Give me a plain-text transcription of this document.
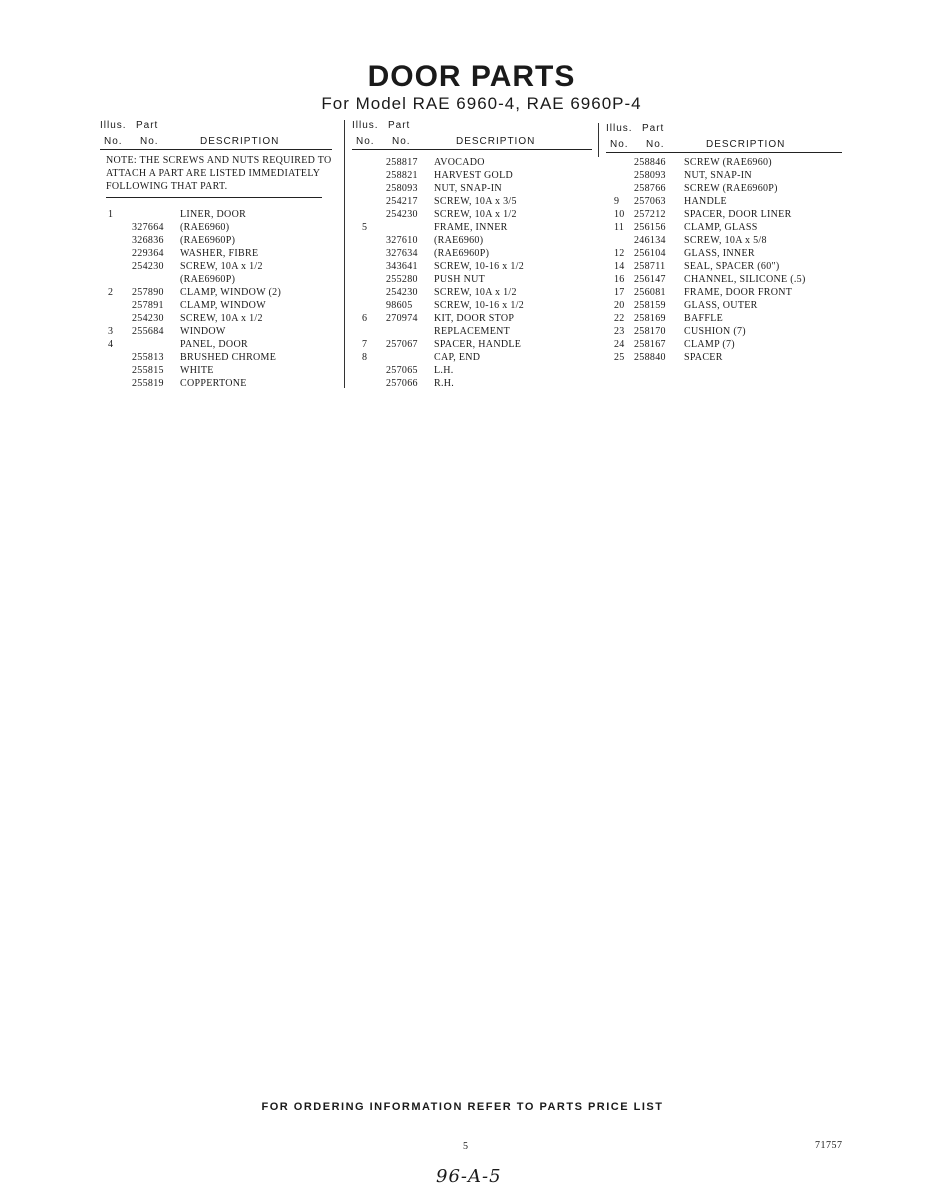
DOOR PARTS
For Model RAE 6960-4, RAE 6960P-4
Illus. Part
No. No.	DESCRIPTION
NOTE: THE SCREWS AND NUTS REQUIRED TO ATTACH A PART ARE LISTED IMMEDIATELY FOLLOWING THAT PART.
1	LINER, DOOR
327664 (RAE6960)
326836 (RAE6960P)
229364 WASHER, FIBRE
254230 SCREW, 10A x 1/2
(RAE6960P)
2 257890 CLAMP, WINDOW (2)
257891 CLAMP, WINDOW
254230 SCREW, 10A x 1/2
3 255684 WINDOW
4	PANEL, DOOR
255813 BRUSHED CHROME
255815 WHITE
255819 COPPERTONE
Illus. Part
No. No.	DESCRIPTION
258817 AVOCADO
258821 HARVEST GOLD
258093 NUT, SNAP-IN
254217 SCREW, 10A x 3/5
254230 SCREW, 10A x 1/2
5	FRAME, INNER
327610 (RAE6960)
327634 (RAE6960P)
343641 SCREW, 10-16 x 1/2
255280 PUSH NUT
254230 SCREW, 10A x 1/2
98605 SCREW, 10-16 x 1/2
6 270974 KIT, DOOR STOP
REPLACEMENT
7 257067 SPACER, HANDLE
8	CAP, END
257065 L.H.
257066 R.H.
Illus. Part
No. No.	DESCRIPTION
258846 SCREW (RAE6960)
258093 NUT, SNAP-IN
258766 SCREW (RAE6960P)
9 257063 HANDLE
10 257212 SPACER, DOOR LINER
11 256156 CLAMP, GLASS
246134 SCREW, 10A x 5/8
12 256104 GLASS, INNER
14 258711 SEAL, SPACER (60")
16 256147 CHANNEL, SILICONE (.5)
17 256081 FRAME, DOOR FRONT
20 258159 GLASS, OUTER
22 258169 BAFFLE
23 258170 CUSHION (7)
24 258167 CLAMP (7)
25 258840 SPACER
FOR ORDERING INFORMATION REFER TO PARTS PRICE LIST
5	71757
96-A-5
